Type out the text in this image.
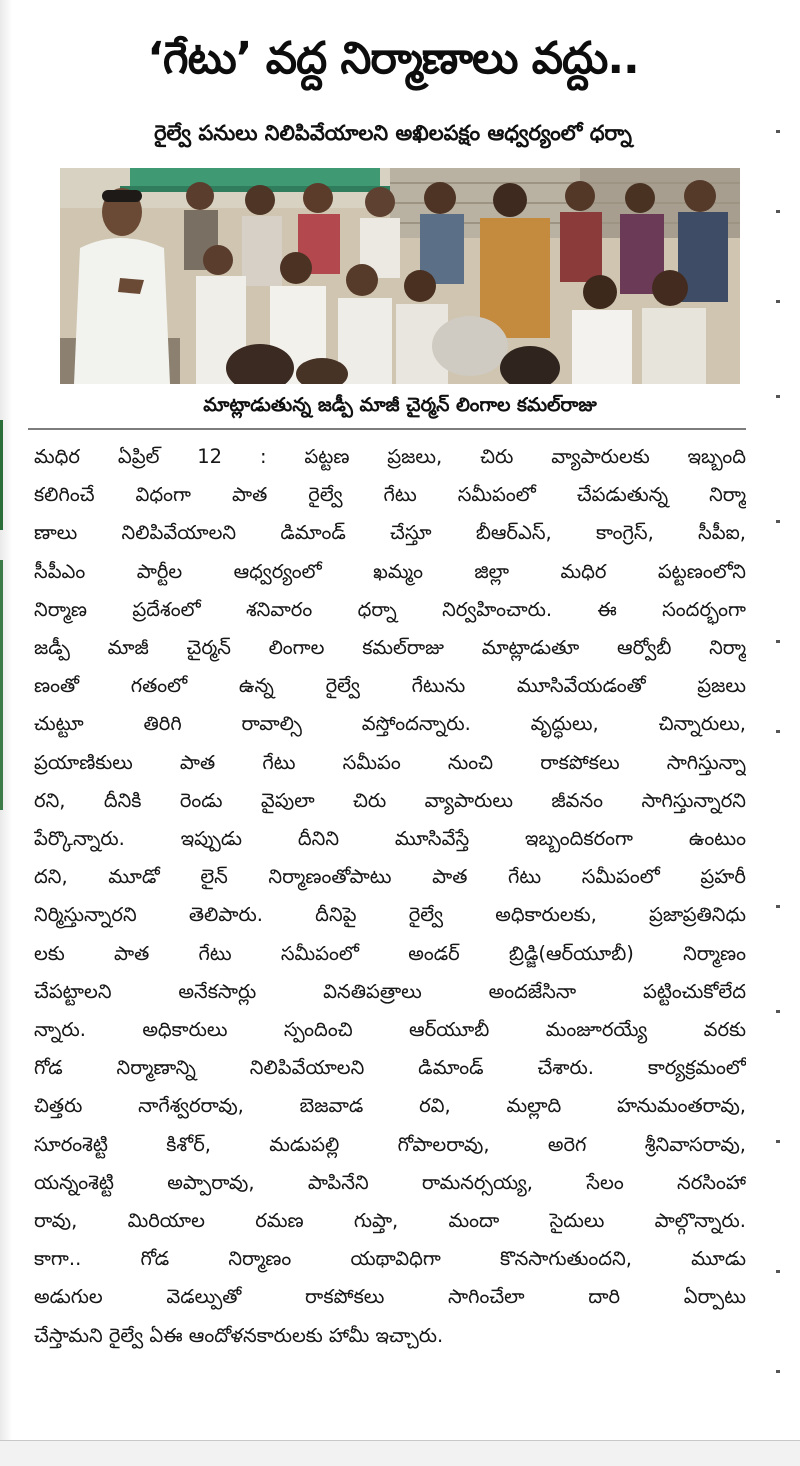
‘గేటు’ వద్ద నిర్మాణాలు వద్దు..
రైల్వే పనులు నిలిపివేయాలని అఖిలపక్షం ఆధ్వర్యంలో ధర్నా
మాట్లాడుతున్న జడ్పీ మాజీ చైర్మన్ లింగాల కమల్‌రాజు
మధిర ఏప్రిల్ 12 : పట్టణ ప్రజలు, చిరు వ్యాపారులకు ఇబ్బంది
కలిగించే విధంగా పాత రైల్వే గేటు సమీపంలో చేపడుతున్న నిర్మా
ణాలు నిలిపివేయాలని డిమాండ్ చేస్తూ బీఆర్ఎస్, కాంగ్రెస్, సీపీఐ,
సీపీఎం పార్టీల ఆధ్వర్యంలో ఖమ్మం జిల్లా మధిర పట్టణంలోని
నిర్మాణ ప్రదేశంలో శనివారం ధర్నా నిర్వహించారు. ఈ సందర్భంగా
జడ్పీ మాజీ చైర్మన్ లింగాల కమల్‌రాజు మాట్లాడుతూ ఆర్వోబీ నిర్మా
ణంతో గతంలో ఉన్న రైల్వే గేటును మూసివేయడంతో ప్రజలు
చుట్టూ తిరిగి రావాల్సి వస్తోందన్నారు. వృద్ధులు, చిన్నారులు,
ప్రయాణికులు పాత గేటు సమీపం నుంచి రాకపోకలు సాగిస్తున్నా
రని, దీనికి రెండు వైపులా చిరు వ్యాపారులు జీవనం సాగిస్తున్నారని
పేర్కొన్నారు. ఇప్పుడు దీనిని మూసివేస్తే ఇబ్బందికరంగా ఉంటుం
దని, మూడో లైన్ నిర్మాణంతోపాటు పాత గేటు సమీపంలో ప్రహరీ
నిర్మిస్తున్నారని తెలిపారు. దీనిపై రైల్వే అధికారులకు, ప్రజాప్రతినిధు
లకు పాత గేటు సమీపంలో అండర్ బ్రిడ్జి(ఆర్‌యూబీ) నిర్మాణం
చేపట్టాలని అనేకసార్లు వినతిపత్రాలు అందజేసినా పట్టించుకోలేద
న్నారు. అధికారులు స్పందించి ఆర్‌యూబీ మంజూరయ్యే వరకు
గోడ నిర్మాణాన్ని నిలిపివేయాలని డిమాండ్ చేశారు. కార్యక్రమంలో
చిత్తరు నాగేశ్వరరావు, బెజవాడ రవి, మల్లాది హనుమంతరావు,
సూరంశెట్టి కిశోర్, మడుపల్లి గోపాలరావు, అరెగ శ్రీనివాసరావు,
యన్నంశెట్టి అప్పారావు, పాపినేని రామనర్సయ్య, సేలం నరసింహా
రావు, మిరియాల రమణ గుప్తా, మందా సైదులు పాల్గొన్నారు.
కాగా.. గోడ నిర్మాణం యథావిధిగా కొనసాగుతుందని, మూడు
అడుగుల వెడల్పుతో రాకపోకలు సాగించేలా దారి ఏర్పాటు
చేస్తామని రైల్వే ఏఈ ఆందోళనకారులకు హామీ ఇచ్చారు.
